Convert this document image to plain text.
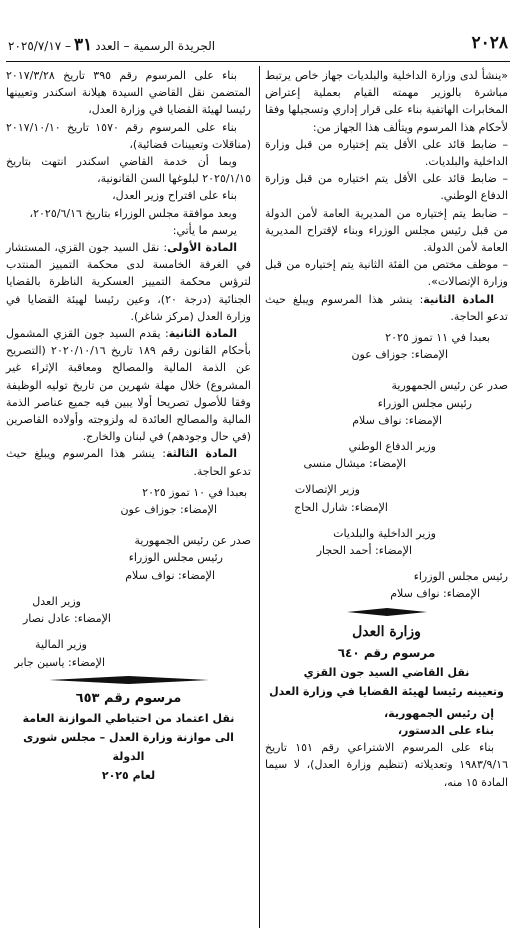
٢٠٢٨
الجريدة الرسمية – العدد٣١– ٢٠٢٥/٧/١٧

«ينشأ لدى وزارة الداخلية والبلديات جهاز خاص يرتبط مباشرة بالوزير مهمته القيام بعملية إعتراض المخابرات الهاتفية بناء على قرار إداري وتسجيلها وفقا لأحكام هذا المرسوم ويتألف هذا الجهاز من:

– ضابط قائد على الأقل يتم إختياره من قبل وزارة الداخلية والبلديات.

– ضابط قائد على الأقل يتم اختياره من قبل وزارة الدفاع الوطني.

– ضابط يتم إختياره من المديرية العامة لأمن الدولة من قبل رئيس مجلس الوزراء وبناء لإقتراح المديرية العامة لأمن الدولة.

– موظف مختص من الفئة الثانية يتم إختياره من قبل وزارة الإتصالات».

المادة الثانية: ينشر هذا المرسوم ويبلغ حيث تدعو الحاجة.

بعبدا في ١١ تموز ٢٠٢٥
الإمضاء: جوزاف عون
صدر عن رئيس الجمهورية
رئيس مجلس الوزراء
الإمضاء: نواف سلام
وزير الدفاع الوطني
الإمضاء: ميشال منسى
وزير الإتصالات
الإمضاء: شارل الحاج
وزير الداخلية والبلديات
الإمضاء: أحمد الحجار
رئيس مجلس الوزراء
الإمضاء: نواف سلام
وزارة العدل
مرسوم رقم ٦٤٠
نقل القاضي السيد جون القزي
وتعيينه رئيسا لهيئة القضايا في وزارة العدل

إن رئيس الجمهورية،

بناء على الدستور،

بناء على المرسوم الاشتراعي رقم ١٥١ تاريخ ١٩٨٣/٩/١٦ وتعديلاته (تنظيم وزارة العدل)، لا سيما المادة ١٥ منه،

بناء على المرسوم رقم ٣٩٥ تاريخ ٢٠١٧/٣/٢٨ المتضمن نقل القاضي السيدة هيلانة اسكندر وتعيينها رئيسا لهيئة القضايا في وزارة العدل،

بناء على المرسوم رقم ١٥٧٠ تاريخ ٢٠١٧/١٠/١٠ (مناقلات وتعيينات قضائية)،

وبما أن خدمة القاضي اسكندر انتهت بتاريخ ٢٠٢٥/١/١٥ لبلوغها السن القانونية،

بناء على اقتراح وزير العدل،

وبعد موافقة مجلس الوزراء بتاريخ ٢٠٢٥/٦/١٦،

يرسم ما يأتي:

المادة الأولى: نقل السيد جون القزي، المستشار في الغرفة الخامسة لدى محكمة التمييز المنتدب لترؤس محكمة التمييز العسكرية الناظرة بالقضايا الجنائية (درجة ٢٠)، وعين رئيسا لهيئة القضايا في وزارة العدل (مركز شاغر).

المادة الثانية: يقدم السيد جون القزي المشمول بأحكام القانون رقم ١٨٩ تاريخ ٢٠٢٠/١٠/١٦ (التصريح عن الذمة المالية والمصالح ومعاقبة الإثراء غير المشروع) خلال مهلة شهرين من تاريخ توليه الوظيفة وفقا للأصول تصريحا أولا يبين فيه جميع عناصر الذمة المالية والمصالح العائدة له ولزوجته وأولاده القاصرين (في حال وجودهم) في لبنان والخارج.

المادة الثالثة: ينشر هذا المرسوم ويبلغ حيث تدعو الحاجة.

بعبدا في ١٠ تموز ٢٠٢٥
الإمضاء: جوزاف عون
صدر عن رئيس الجمهورية
رئيس مجلس الوزراء
الإمضاء: نواف سلام
وزير العدل
الإمضاء: عادل نصار
وزير المالية
الإمضاء: ياسين جابر
مرسوم رقم ٦٥٣
نقل اعتماد من احتياطي الموازنة العامة
الى موازنة وزارة العدل – مجلس شورى الدولة
لعام ٢٠٢٥
